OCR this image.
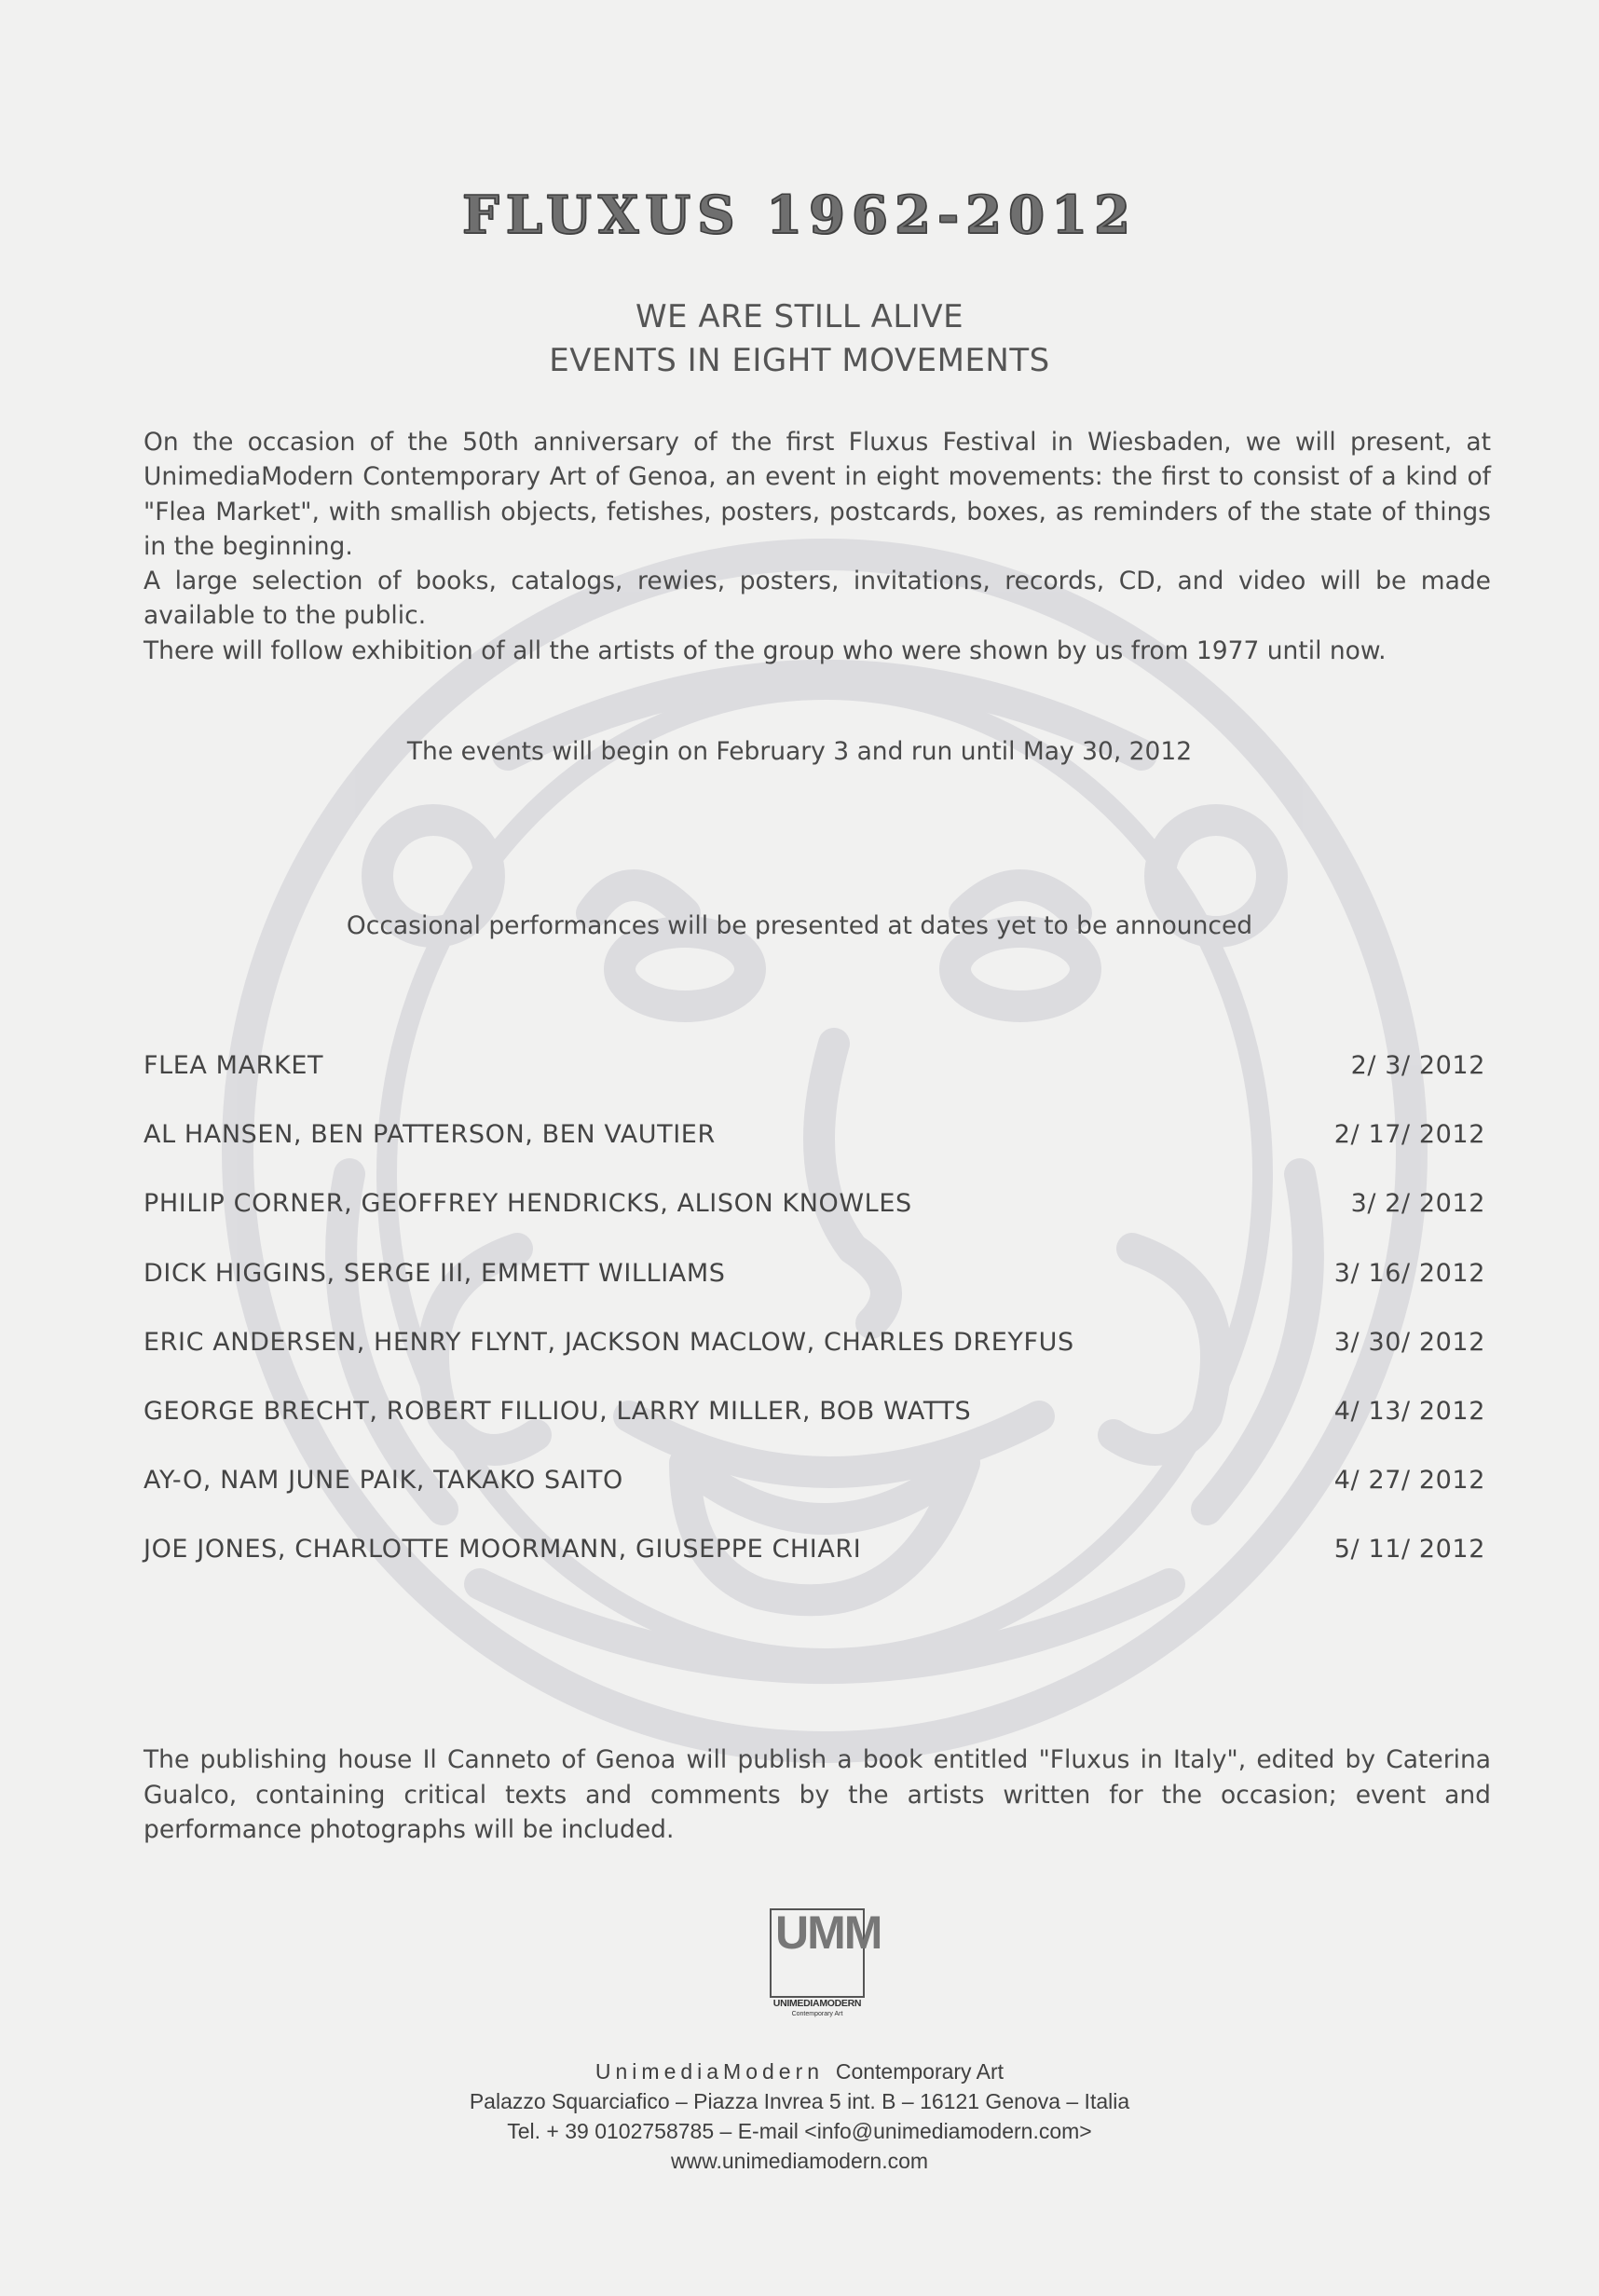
FLUXUS 1962-2012
WE ARE STILL ALIVE
EVENTS IN EIGHT MOVEMENTS

On the occasion of the 50th anniversary of the first Fluxus Festival in Wiesbaden, we will present, at UnimediaModern Contemporary Art of Genoa, an event in eight movements: the first to consist of a kind of "Flea Market", with smallish objects, fetishes, posters, postcards, boxes, as reminders of the state of things in the beginning.

A large selection of books, catalogs, rewies, posters, invitations, records, CD, and video will be made available to the public.

There will follow exhibition of all the artists of the group who were shown by us from 1977 until now.

The events will begin on February 3 and run until May 30, 2012
Occasional performances will be presented at dates yet to be announced
FLEA MARKET	2/ 3/ 2012
AL HANSEN, BEN PATTERSON, BEN VAUTIER	2/ 17/ 2012
PHILIP CORNER, GEOFFREY HENDRICKS, ALISON KNOWLES	3/ 2/ 2012
DICK HIGGINS, SERGE III, EMMETT WILLIAMS	3/ 16/ 2012
ERIC ANDERSEN, HENRY FLYNT, JACKSON MACLOW, CHARLES DREYFUS	3/ 30/ 2012
GEORGE BRECHT, ROBERT FILLIOU, LARRY MILLER, BOB WATTS	4/ 13/ 2012
AY-O, NAM JUNE PAIK, TAKAKO SAITO	4/ 27/ 2012
JOE JONES, CHARLOTTE MOORMANN, GIUSEPPE CHIARI	5/ 11/ 2012

The publishing house Il Canneto of Genoa will publish a book entitled "Fluxus in Italy", edited by Caterina Gualco, containing critical texts and comments by the artists written for the occasion; event and performance photographs will be included.

UMM
UNIMEDIAMODERN
Contemporary Art
UnimediaModern Contemporary Art
Palazzo Squarciafico – Piazza Invrea 5 int. B – 16121 Genova – Italia
Tel. + 39 0102758785 – E-mail <info@unimediamodern.com>
www.unimediamodern.com
